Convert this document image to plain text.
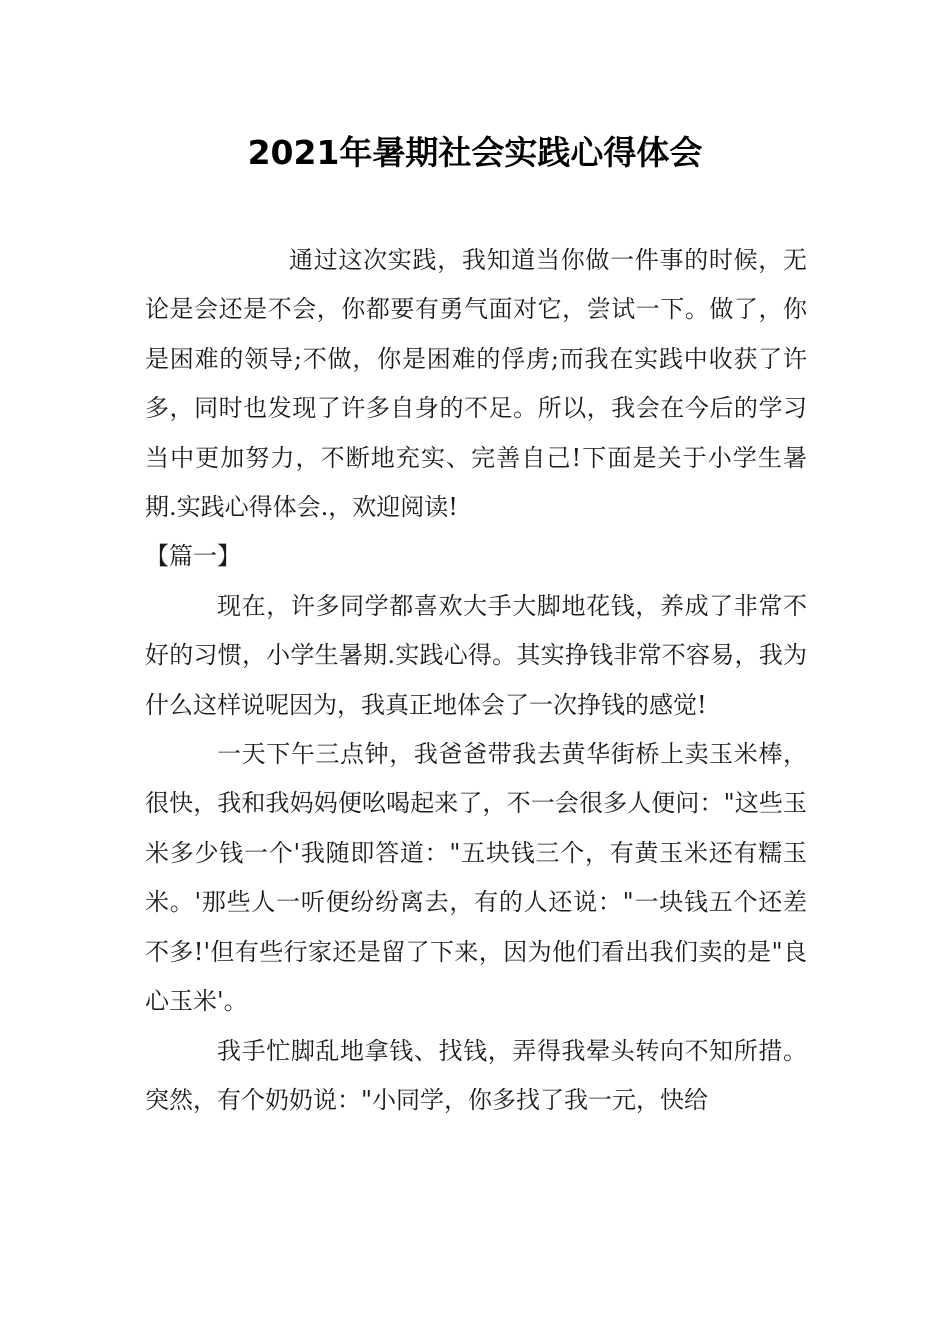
2021年暑期社会实践心得体会

通过这次实践，我知道当你做一件事的时候，无论是会还是不会，你都要有勇气面对它，尝试一下。做了，你是困难的领导;不做，你是困难的俘虏;而我在实践中收获了许多，同时也发现了许多自身的不足。所以，我会在今后的学习当中更加努力，不断地充实、完善自己!下面是关于小学生暑期.实践心得体会.，欢迎阅读!

【篇一】

现在，许多同学都喜欢大手大脚地花钱，养成了非常不好的习惯，小学生暑期.实践心得。其实挣钱非常不容易，我为什么这样说呢因为，我真正地体会了一次挣钱的感觉!

一天下午三点钟，我爸爸带我去黄华街桥上卖玉米棒，很快，我和我妈妈便吆喝起来了，不一会很多人便问："这些玉米多少钱一个'我随即答道："五块钱三个，有黄玉米还有糯玉米。'那些人一听便纷纷离去，有的人还说："一块钱五个还差不多!'但有些行家还是留了下来，因为他们看出我们卖的是"良心玉米'。

我手忙脚乱地拿钱、找钱，弄得我晕头转向不知所措。突然，有个奶奶说："小同学，你多找了我一元，快给
